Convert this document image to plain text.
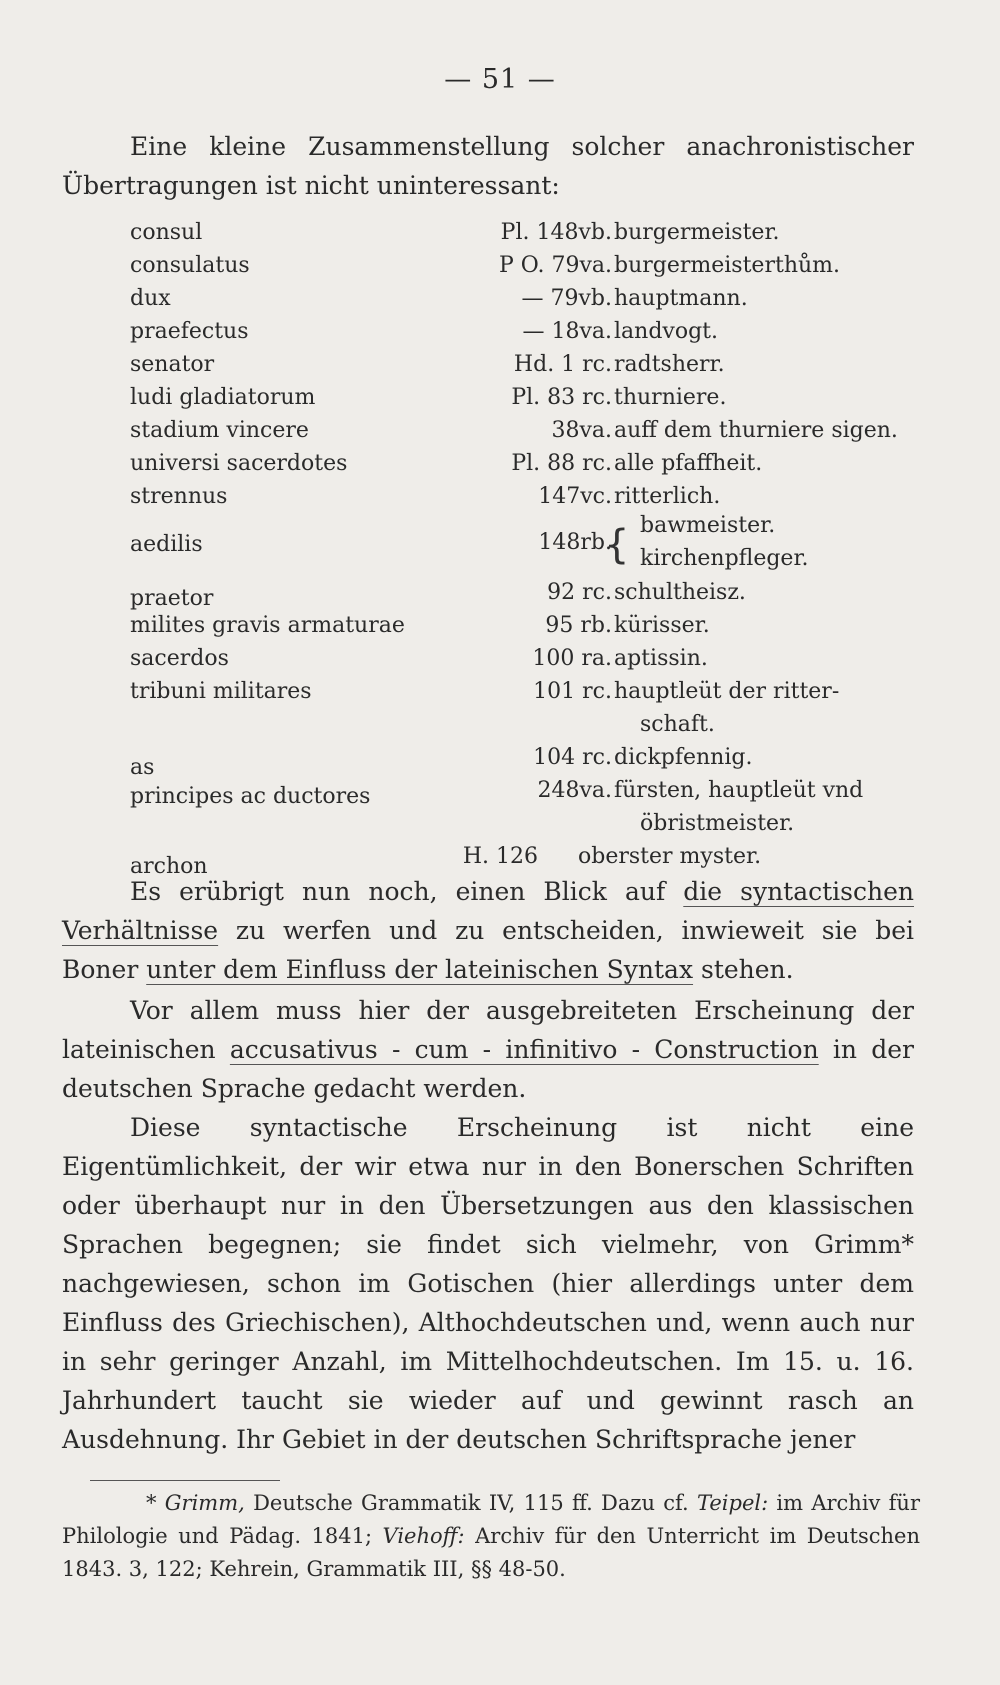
— 51 —

Eine kleine Zusammenstellung solcher anachronistischer Übertragungen ist nicht uninteressant:

consul	Pl. 148vb. burgermeister.
consulatus	P O. 79va. burgermeisterthům.
dux	— 79vb. hauptmann.
praefectus	— 18va. landvogt.
senator	Hd. 1 rc. radtsherr.
ludi gladiatorum	Pl. 83 rc. thurniere.
stadium vincere	38va. auff dem thurniere sigen.
universi sacerdotes	Pl. 88 rc. alle pfaffheit.
strennus	147vc. ritterlich.
aedilis	148rb.
{ bawmeister.
kirchenpfleger.
praetor	92 rc. schultheisz.
milites gravis armaturae	95 rb. kürisser.
sacerdos	100 ra. aptissin.
tribuni militares	101 rc. hauptleüt der ritter-
schaft.
as	104 rc. dickpfennig.
principes ac ductores	248va. fürsten, hauptleüt vnd
öbristmeister.
archon	H. 126 oberster myster.

Es erübrigt nun noch, einen Blick auf die syntactischen Verhältnisse zu werfen und zu entscheiden, inwieweit sie bei Boner unter dem Einfluss der lateinischen Syntax stehen.

Vor allem muss hier der ausgebreiteten Erscheinung der lateinischen accusativus - cum - infinitivo - Construction in der deutschen Sprache gedacht werden.

Diese syntactische Erscheinung ist nicht eine Eigentümlichkeit, der wir etwa nur in den Bonerschen Schriften oder überhaupt nur in den Übersetzungen aus den klassischen Sprachen begegnen; sie findet sich vielmehr, von Grimm* nachgewiesen, schon im Gotischen (hier allerdings unter dem Einfluss des Griechischen), Althochdeutschen und, wenn auch nur in sehr geringer Anzahl, im Mittelhochdeutschen. Im 15. u. 16. Jahrhundert taucht sie wieder auf und gewinnt rasch an Ausdehnung. Ihr Gebiet in der deutschen Schriftsprache jener

* Grimm, Deutsche Grammatik IV, 115 ff. Dazu cf. Teipel: im Archiv für Philologie und Pädag. 1841; Viehoff: Archiv für den Unterricht im Deutschen 1843. 3, 122; Kehrein, Grammatik III, §§ 48-50.
